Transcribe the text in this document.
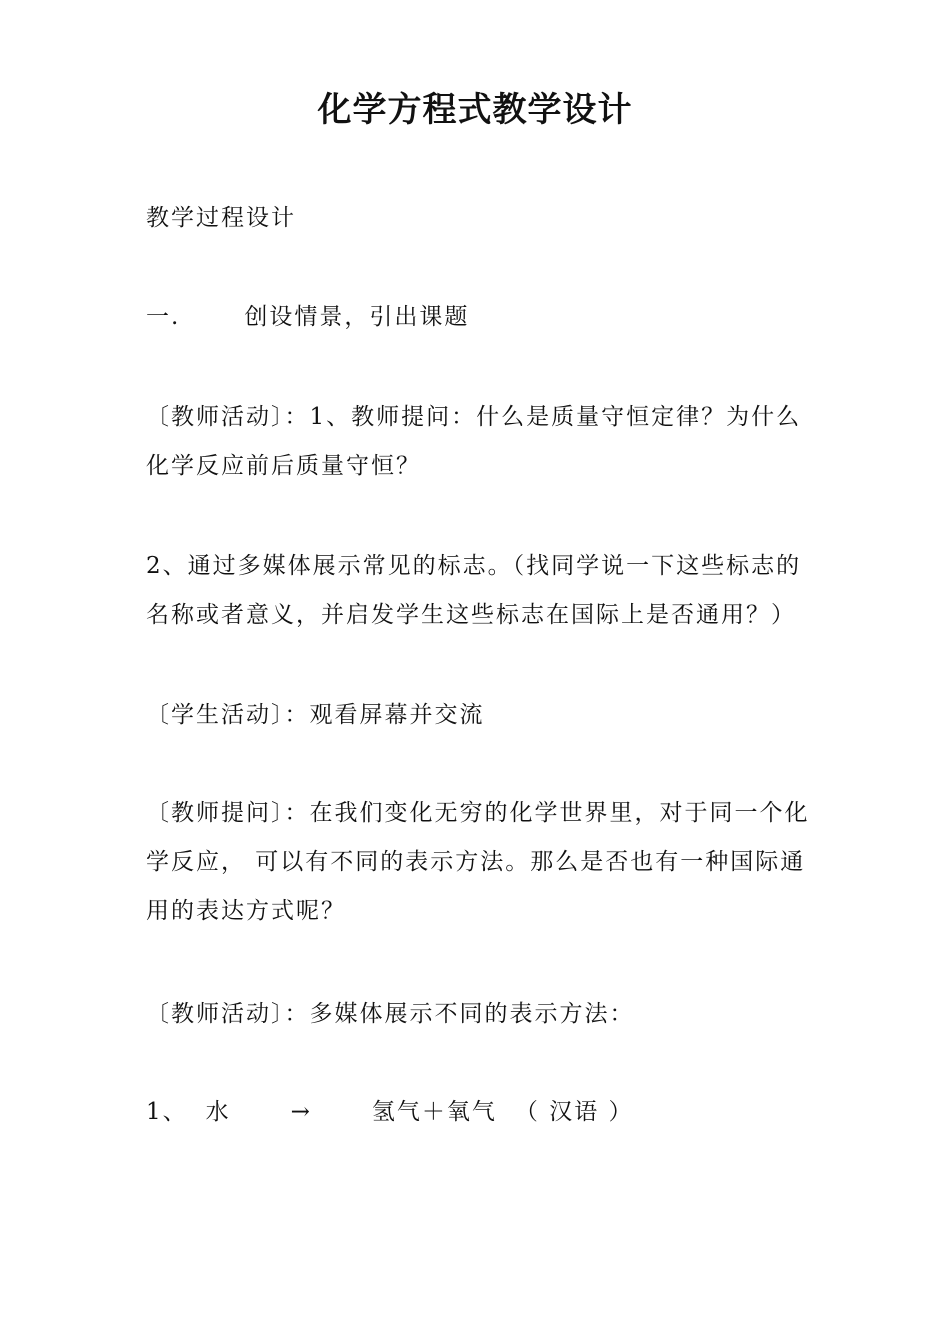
化学方程式教学设计
教学过程设计
一.	创设情景，引出课题
〔教师活动〕：1、教师提问：什么是质量守恒定律？为什么化学反应前后质量守恒？
2、通过多媒体展示常见的标志。（找同学说一下这些标志的名称或者意义，并启发学生这些标志在国际上是否通用？）
〔学生活动〕：观看屏幕并交流
〔教师提问〕：在我们变化无穷的化学世界里，对于同一个化学反应， 可以有不同的表示方法。那么是否也有一种国际通用的表达方式呢？
〔教师活动〕：多媒体展示不同的表示方法：
1、 水	→	氢气＋氧气 （ 汉语 ）
